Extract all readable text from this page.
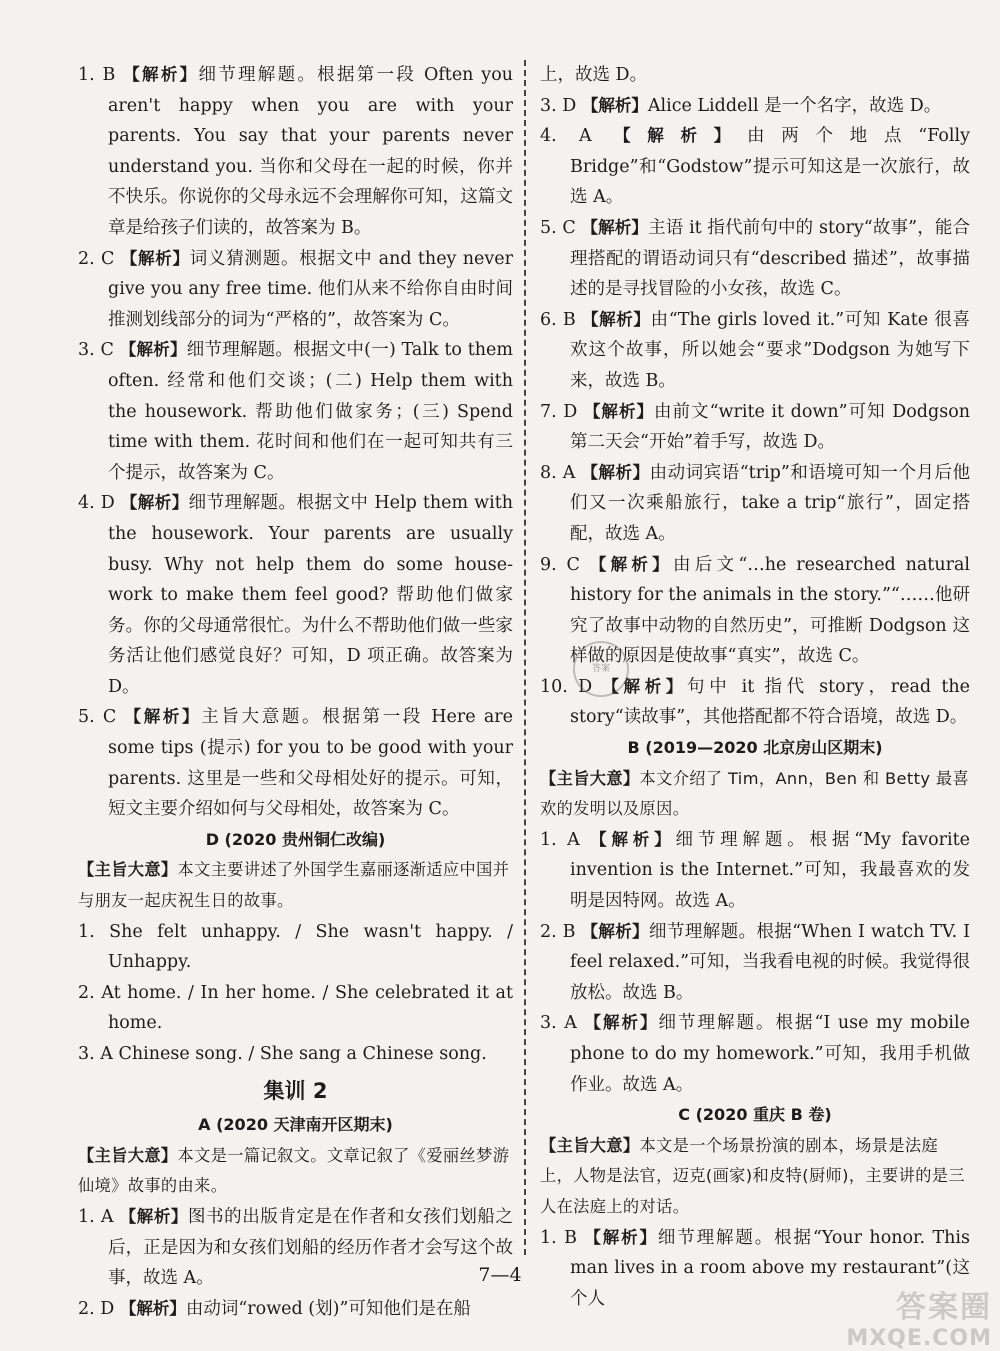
1. B 【解析】细节理解题。根据第一段 Often you aren't happy when you are with your parents. You say that your parents never understand you. 当你和父母在一起的时候，你并不快乐。你说你的父母永远不会理解你可知，这篇文章是给孩子们读的，故答案为 B。

2. C 【解析】词义猜测题。根据文中 and they never give you any free time. 他们从来不给你自由时间推测划线部分的词为“严格的”，故答案为 C。

3. C 【解析】细节理解题。根据文中(一) Talk to them often. 经常和他们交谈；(二) Help them with the housework. 帮助他们做家务；(三) Spend time with them. 花时间和他们在一起可知共有三个提示，故答案为 C。

4. D 【解析】细节理解题。根据文中 Help them with the housework. Your parents are usually busy. Why not help them do some house-work to make them feel good? 帮助他们做家务。你的父母通常很忙。为什么不帮助他们做一些家务活让他们感觉良好？可知，D 项正确。故答案为 D。

5. C 【解析】主旨大意题。根据第一段 Here are some tips (提示) for you to be good with your parents. 这里是一些和父母相处好的提示。可知，短文主要介绍如何与父母相处，故答案为 C。

D (2020 贵州铜仁改编)

【主旨大意】本文主要讲述了外国学生嘉丽逐渐适应中国并与朋友一起庆祝生日的故事。

1. She felt unhappy. / She wasn't happy. / Unhappy.

2. At home. / In her home. / She celebrated it at home.

3. A Chinese song. / She sang a Chinese song.

集训 2

A (2020 天津南开区期末)

【主旨大意】本文是一篇记叙文。文章记叙了《爱丽丝梦游仙境》故事的由来。

1. A 【解析】图书的出版肯定是在作者和女孩们划船之后，正是因为和女孩们划船的经历作者才会写这个故事，故选 A。

2. D 【解析】由动词“rowed (划)”可知他们是在船

上，故选 D。

3. D 【解析】Alice Liddell 是一个名字，故选 D。

4. A 【解析】由两个地点“Folly Bridge”和“Godstow”提示可知这是一次旅行，故选 A。

5. C 【解析】主语 it 指代前句中的 story“故事”，能合理搭配的谓语动词只有“described 描述”，故事描述的是寻找冒险的小女孩，故选 C。

6. B 【解析】由“The girls loved it.”可知 Kate 很喜欢这个故事，所以她会“要求”Dodgson 为她写下来，故选 B。

7. D 【解析】由前文“write it down”可知 Dodgson 第二天会“开始”着手写，故选 D。

8. A 【解析】由动词宾语“trip”和语境可知一个月后他们又一次乘船旅行，take a trip“旅行”，固定搭配，故选 A。

9. C 【解析】由后文“…he researched natural history for the animals in the story.”“……他研究了故事中动物的自然历史”，可推断 Dodgson 这样做的原因是使故事“真实”，故选 C。

10. D 【解析】句中 it 指代 story，read the story“读故事”，其他搭配都不符合语境，故选 D。

B (2019—2020 北京房山区期末)

【主旨大意】本文介绍了 Tim，Ann，Ben 和 Betty 最喜欢的发明以及原因。

1. A 【解析】细节理解题。根据“My favorite invention is the Internet.”可知，我最喜欢的发明是因特网。故选 A。

2. B 【解析】细节理解题。根据“When I watch TV. I feel relaxed.”可知，当我看电视的时候。我觉得很放松。故选 B。

3. A 【解析】细节理解题。根据“I use my mobile phone to do my homework.”可知，我用手机做作业。故选 A。

C (2020 重庆 B 卷)

【主旨大意】本文是一个场景扮演的剧本，场景是法庭上，人物是法官，迈克(画家)和皮特(厨师)，主要讲的是三人在法庭上的对话。

1. B 【解析】细节理解题。根据“Your honor. This man lives in a room above my restaurant”(这个人

答案
7—4
答案圈
MXQE.COM
